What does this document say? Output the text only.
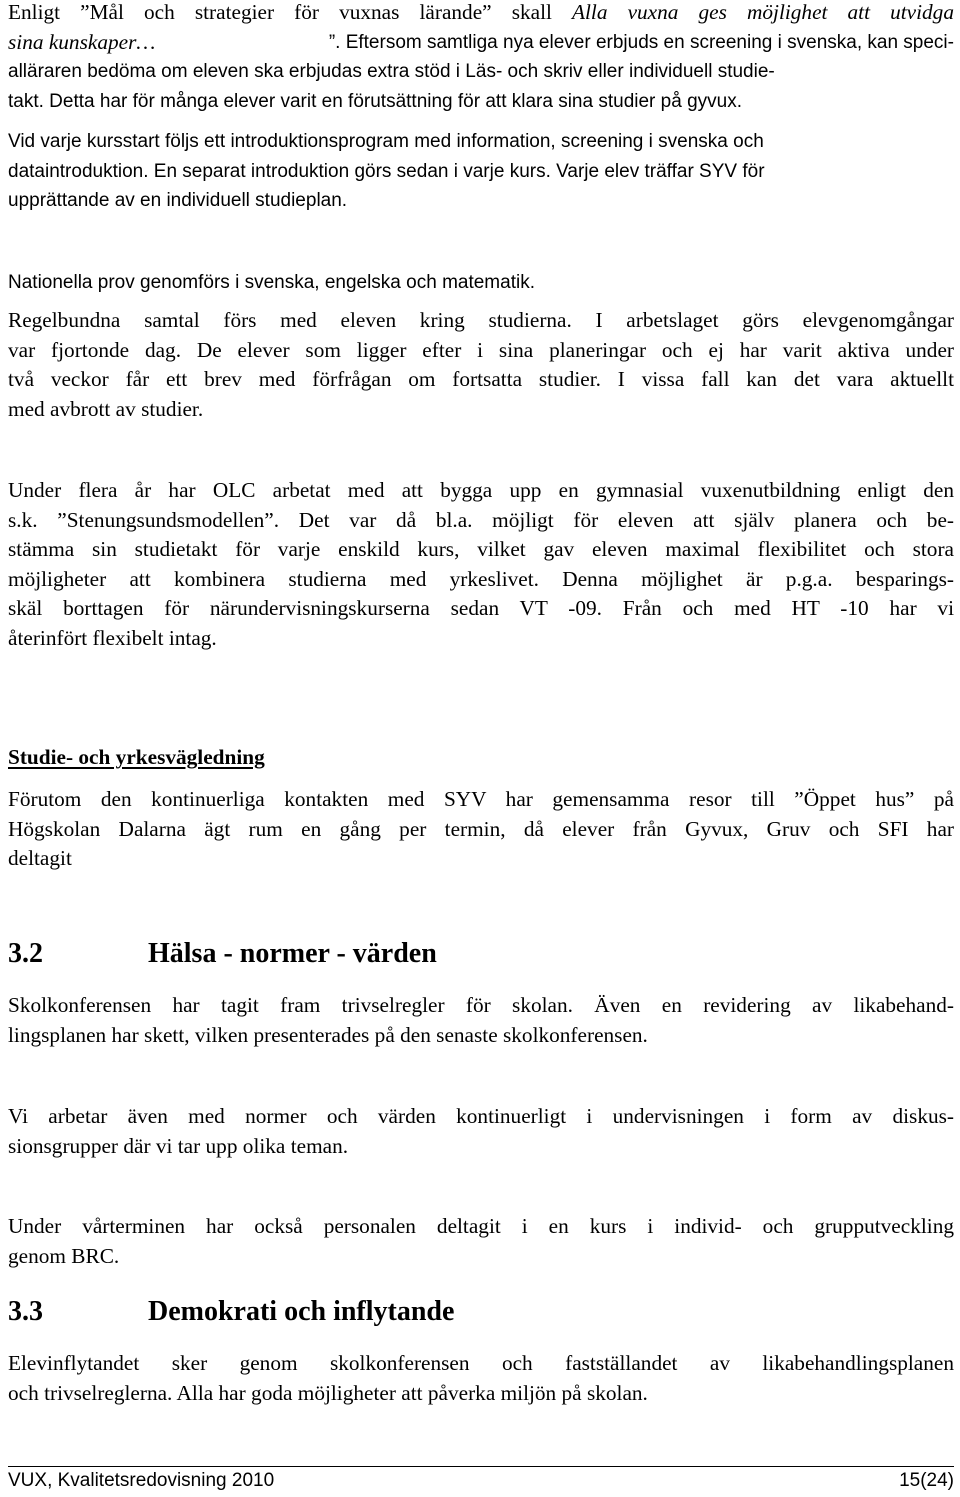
Enligt ”Mål och strategier för vuxnas lärande” skall Alla vuxna ges möjlighet att utvidga
sina kunskaper…	”. Eftersom samtliga nya elever erbjuds en screening i svenska, kan speci-
alläraren bedöma om eleven ska erbjudas extra stöd i Läs- och skriv eller individuell studie-
takt. Detta har för många elever varit en förutsättning för att klara sina studier på gyvux.
Vid varje kursstart följs ett introduktionsprogram med information, screening i svenska och
dataintroduktion. En separat introduktion görs sedan i varje kurs. Varje elev träffar SYV för
upprättande av en individuell studieplan.
Nationella prov genomförs i svenska, engelska och matematik.
Regelbundna samtal förs med eleven kring studierna. I arbetslaget görs elevgenomgångar
var fjortonde dag. De elever som ligger efter i sina planeringar och ej har varit aktiva under
två veckor får ett brev med förfrågan om fortsatta studier. I vissa fall kan det vara aktuellt
med avbrott av studier.
Under flera år har OLC arbetat med att bygga upp en gymnasial vuxenutbildning enligt den
s.k. ”Stenungsundsmodellen”. Det var då bl.a. möjligt för eleven att själv planera och be-
stämma sin studietakt för varje enskild kurs, vilket gav eleven maximal flexibilitet och stora
möjligheter att kombinera studierna med yrkeslivet. Denna möjlighet är p.g.a. besparings-
skäl borttagen för närundervisningskurserna sedan VT -09. Från och med HT -10 har vi
återinfört flexibelt intag.
Studie- och yrkesvägledning
Förutom den kontinuerliga kontakten med SYV har gemensamma resor till ”Öppet hus” på
Högskolan Dalarna ägt rum en gång per termin, då elever från Gyvux, Gruv och SFI har
deltagit
3.2	Hälsa - normer - värden
Skolkonferensen har tagit fram trivselregler för skolan. Även en revidering av likabehand-
lingsplanen har skett, vilken presenterades på den senaste skolkonferensen.
Vi arbetar även med normer och värden kontinuerligt i undervisningen i form av diskus-
sionsgrupper där vi tar upp olika teman.
Under vårterminen har också personalen deltagit i en kurs i individ- och grupputveckling
genom BRC.
3.3	Demokrati och inflytande
Elevinflytandet sker genom skolkonferensen och fastställandet av likabehandlingsplanen
och trivselreglerna. Alla har goda möjligheter att påverka miljön på skolan.
VUX, Kvalitetsredovisning 2010	15(24)
